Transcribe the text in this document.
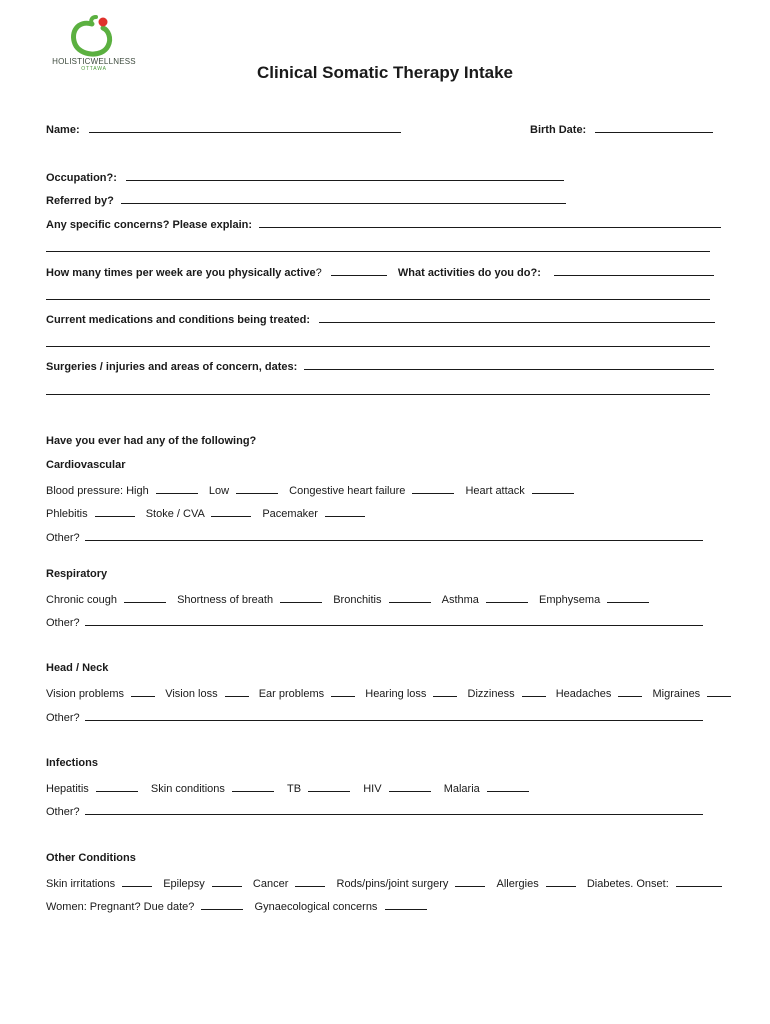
HOLISTICWELLNESS
OTTAWA	Clinical Somatic Therapy Intake
Name:	Birth Date:
Occupation?:
Referred by?
Any specific concerns? Please explain:
How many times per week are you physically active?	What activities do you do?:
Current medications and conditions being treated:
Surgeries / injuries and areas of concern, dates:
Have you ever had any of the following?
Cardiovascular
Blood pressure: High	Low	Congestive heart failure	Heart attack
Phlebitis	Stoke / CVA	Pacemaker
Other?
Respiratory
Chronic cough	Shortness of breath	Bronchitis	Asthma	Emphysema
Other?
Head / Neck
Vision problems	Vision loss	Ear problems	Hearing loss	Dizziness	Headaches	Migraines
Other?
Infections
Hepatitis	Skin conditions	TB	HIV	Malaria
Other?
Other Conditions
Skin irritations	Epilepsy	Cancer	Rods/pins/joint surgery	Allergies	Diabetes. Onset:
Women: Pregnant? Due date?	Gynaecological concerns
